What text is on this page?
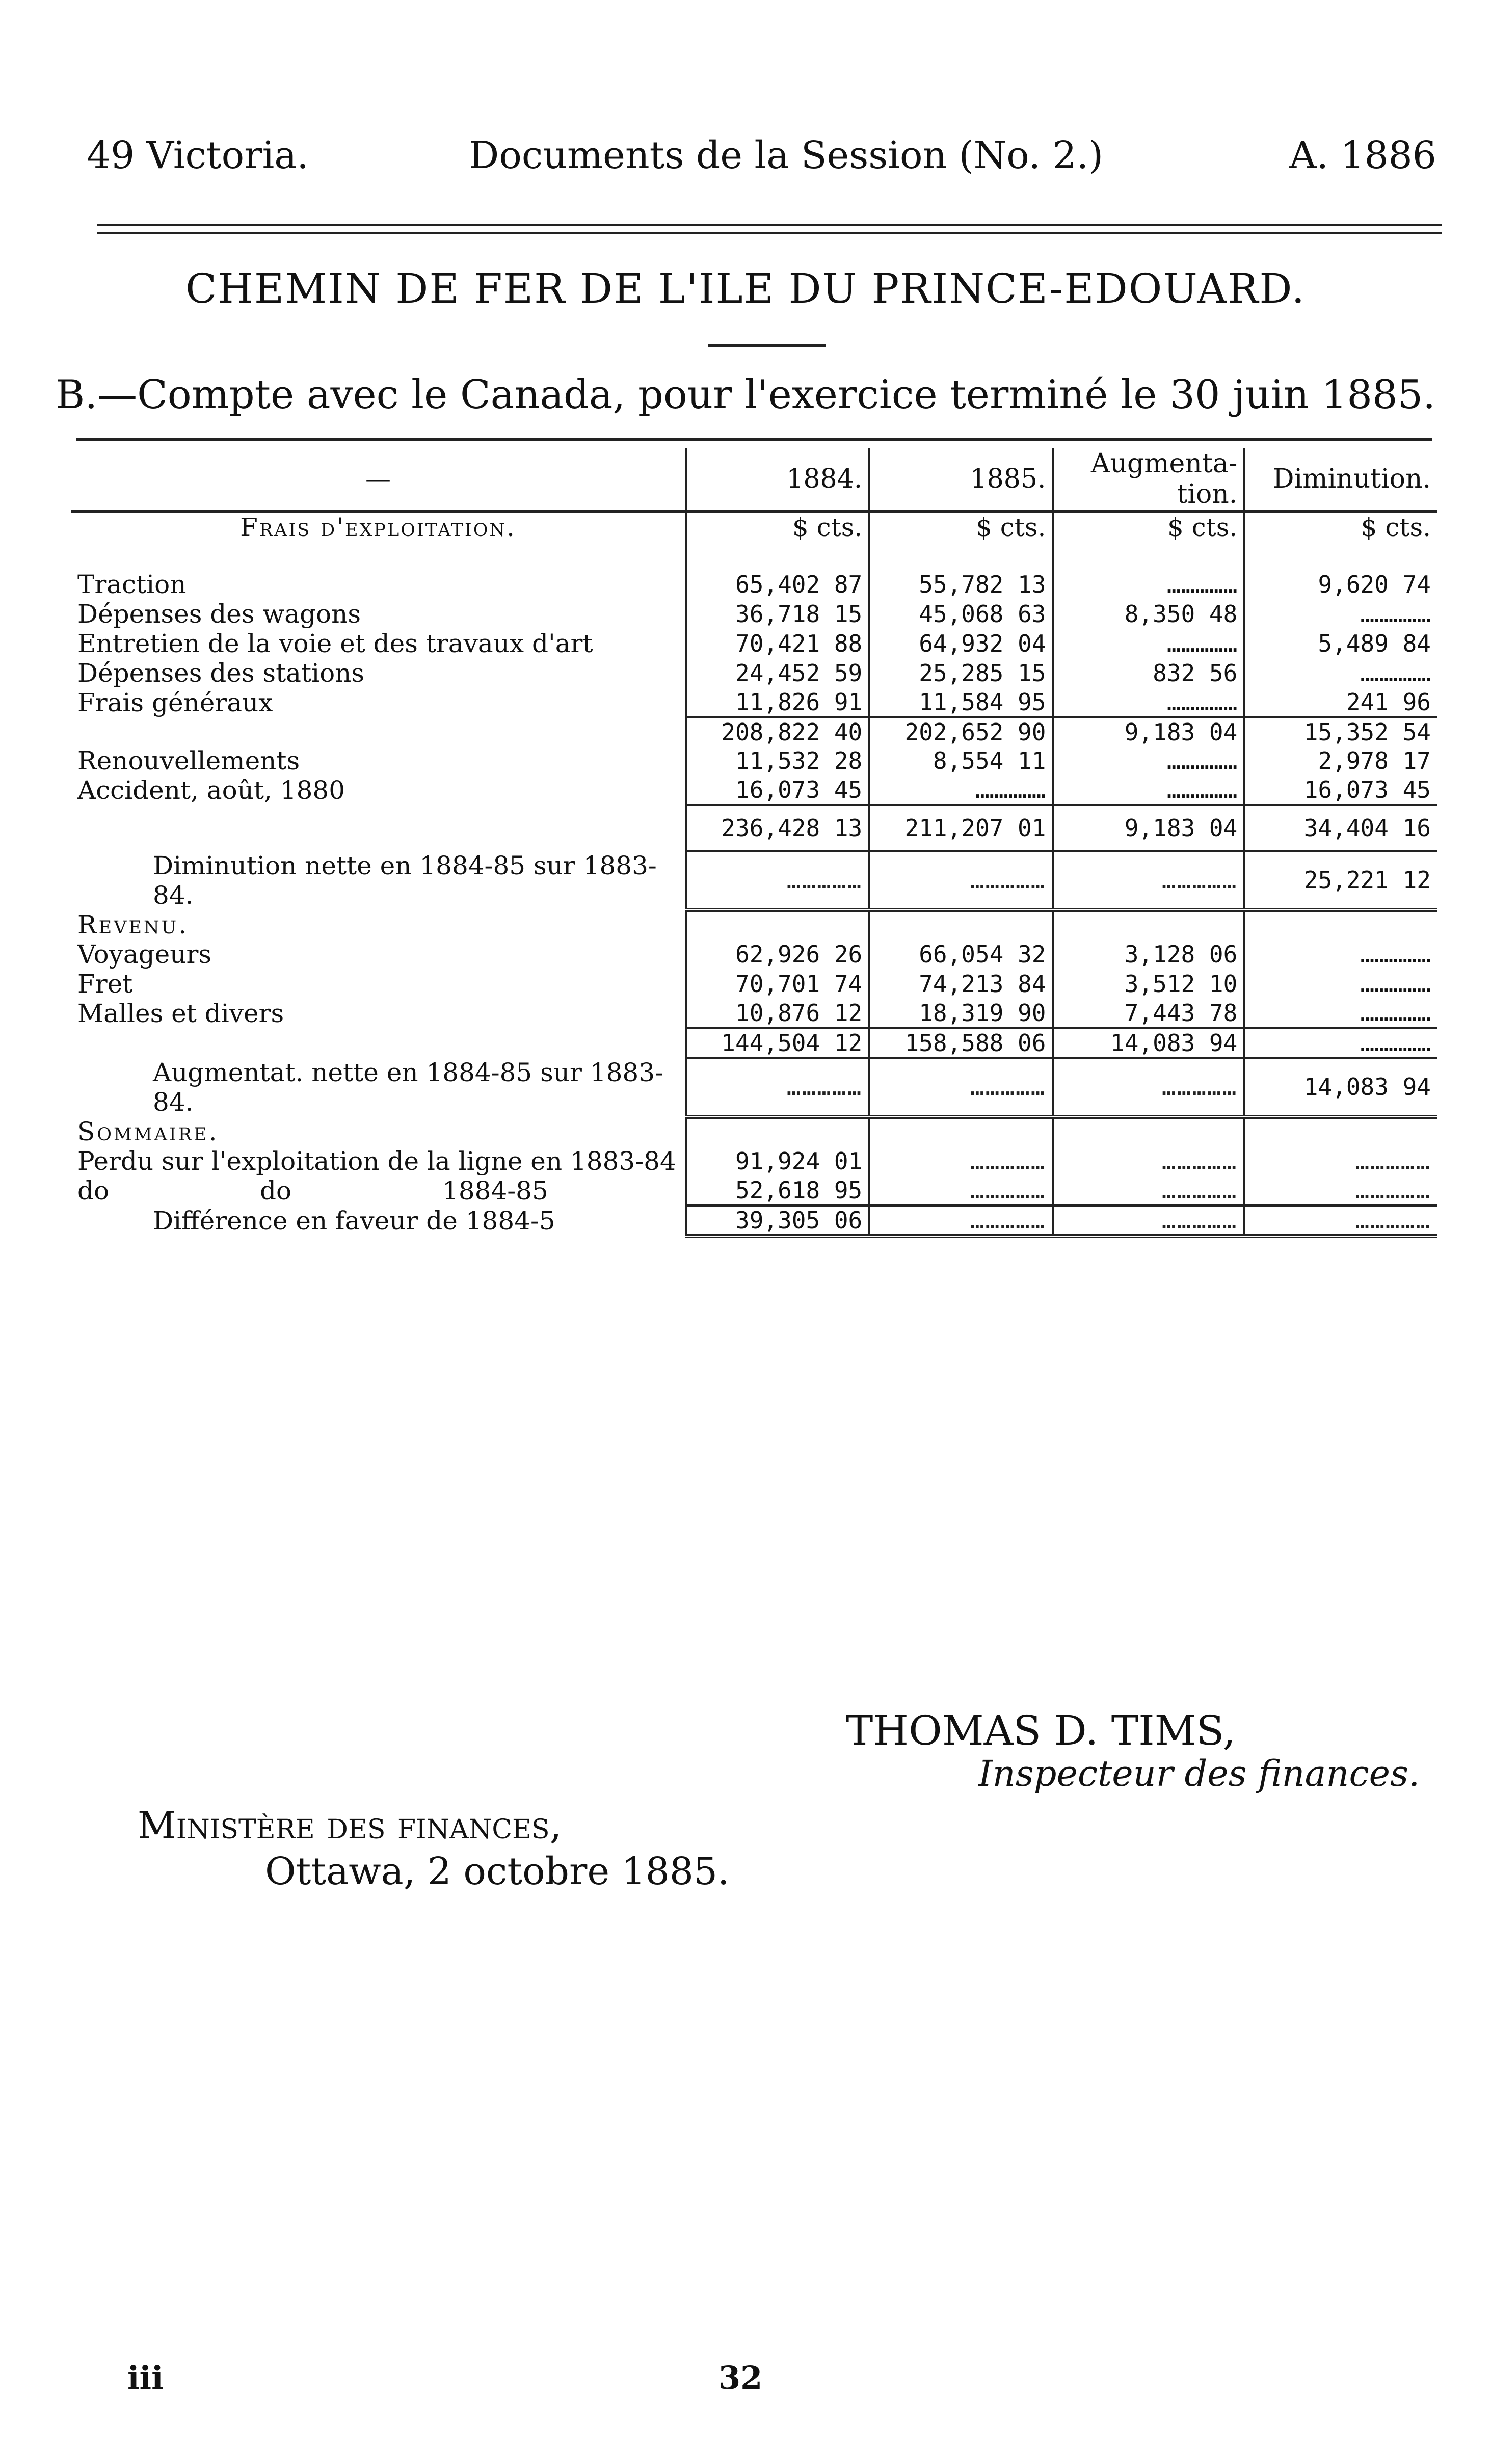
49 Victoria.	Documents de la Session (No. 2.)	A. 1886
CHEMIN DE FER DE L'ILE DU PRINCE-EDOUARD.
B.—Compte avec le Canada, pour l'exercice terminé le 30 juin 1885.
—	1884.	1885.	Augmenta-tion.	Diminution.
Frais d'exploitation.	$ cts.	$ cts.	$ cts.	$ cts.

Traction	65,402 87	55,782 13	……………	9,620 74
Dépenses des wagons	36,718 15	45,068 63	8,350 48	……………
Entretien de la voie et des travaux d'art	70,421 88	64,932 04	……………	5,489 84
Dépenses des stations	24,452 59	25,285 15	832 56	……………
Frais généraux	11,826 91	11,584 95	……………	241 96
	208,822 40	202,652 90	9,183 04	15,352 54
Renouvellements	11,532 28	8,554 11	……………	2,978 17
Accident, août, 1880	16,073 45	……………	……………	16,073 45
	236,428 13	211,207 01	9,183 04	34,404 16
Diminution nette en 1884-85 sur 1883-84.	……………	……………	……………	25,221 12
Revenu.				
Voyageurs	62,926 26	66,054 32	3,128 06	……………
Fret	70,701 74	74,213 84	3,512 10	……………
Malles et divers	10,876 12	18,319 90	7,443 78	……………
	144,504 12	158,588 06	14,083 94	……………
Augmentat. nette en 1884-85 sur 1883-84.	……………	……………	……………	14,083 94
Sommaire.				
Perdu sur l'exploitation de la ligne en 1883-84	91,924 01	……………	……………	……………
do do 1884-85	52,618 95	……………	……………	……………
Différence en faveur de 1884-5	39,305 06	……………	……………	……………
THOMAS D. TIMS,
Inspecteur des finances.
Ministère des finances,
Ottawa, 2 octobre 1885.
iii	32
